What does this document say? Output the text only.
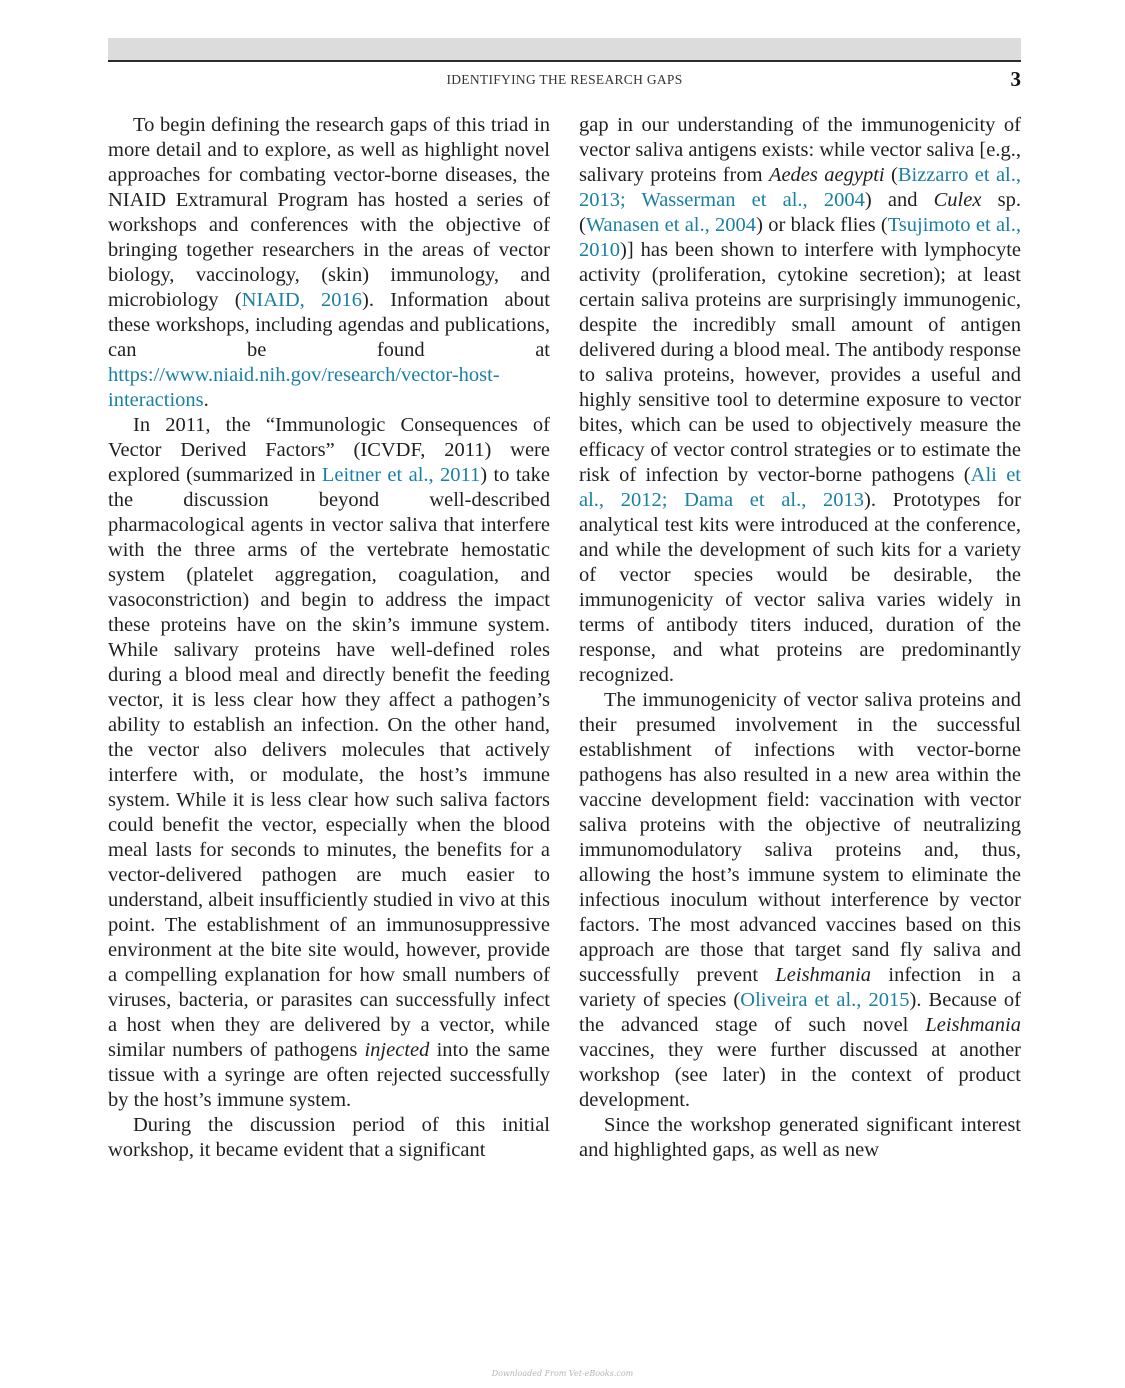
IDENTIFYING THE RESEARCH GAPS	3

To begin defining the research gaps of this triad in more detail and to explore, as well as highlight novel approaches for combating vector-borne diseases, the NIAID Extramural Program has hosted a series of workshops and conferences with the objective of bringing together researchers in the areas of vector biology, vaccinology, (skin) immunology, and microbiology (NIAID, 2016). Information about these workshops, including agendas and publications, can be found at https://www.niaid.nih.gov/research/vector-host-interactions.

In 2011, the “Immunologic Consequences of Vector Derived Factors” (ICVDF, 2011) were explored (summarized in Leitner et al., 2011) to take the discussion beyond well-described pharmacological agents in vector saliva that interfere with the three arms of the vertebrate hemostatic system (platelet aggregation, coagulation, and vasoconstriction) and begin to address the impact these proteins have on the skin’s immune system. While salivary proteins have well-defined roles during a blood meal and directly benefit the feeding vector, it is less clear how they affect a pathogen’s ability to establish an infection. On the other hand, the vector also delivers molecules that actively interfere with, or modulate, the host’s immune system. While it is less clear how such saliva factors could benefit the vector, especially when the blood meal lasts for seconds to minutes, the benefits for a vector-delivered pathogen are much easier to understand, albeit insufficiently studied in vivo at this point. The establishment of an immunosuppressive environment at the bite site would, however, provide a compelling explanation for how small numbers of viruses, bacteria, or parasites can successfully infect a host when they are delivered by a vector, while similar numbers of pathogens injected into the same tissue with a syringe are often rejected successfully by the host’s immune system.

During the discussion period of this initial workshop, it became evident that a significant

gap in our understanding of the immunogenicity of vector saliva antigens exists: while vector saliva [e.g., salivary proteins from Aedes aegypti (Bizzarro et al., 2013; Wasserman et al., 2004) and Culex sp. (Wanasen et al., 2004) or black flies (Tsujimoto et al., 2010)] has been shown to interfere with lymphocyte activity (proliferation, cytokine secretion); at least certain saliva proteins are surprisingly immunogenic, despite the incredibly small amount of antigen delivered during a blood meal. The antibody response to saliva proteins, however, provides a useful and highly sensitive tool to determine exposure to vector bites, which can be used to objectively measure the efficacy of vector control strategies or to estimate the risk of infection by vector-borne pathogens (Ali et al., 2012; Dama et al., 2013). Prototypes for analytical test kits were introduced at the conference, and while the development of such kits for a variety of vector species would be desirable, the immunogenicity of vector saliva varies widely in terms of antibody titers induced, duration of the response, and what proteins are predominantly recognized.

The immunogenicity of vector saliva proteins and their presumed involvement in the successful establishment of infections with vector-borne pathogens has also resulted in a new area within the vaccine development field: vaccination with vector saliva proteins with the objective of neutralizing immunomodulatory saliva proteins and, thus, allowing the host’s immune system to eliminate the infectious inoculum without interference by vector factors. The most advanced vaccines based on this approach are those that target sand fly saliva and successfully prevent Leishmania infection in a variety of species (Oliveira et al., 2015). Because of the advanced stage of such novel Leishmania vaccines, they were further discussed at another workshop (see later) in the context of product development.

Since the workshop generated significant interest and highlighted gaps, as well as new

Downloaded From Vet-eBooks.com
